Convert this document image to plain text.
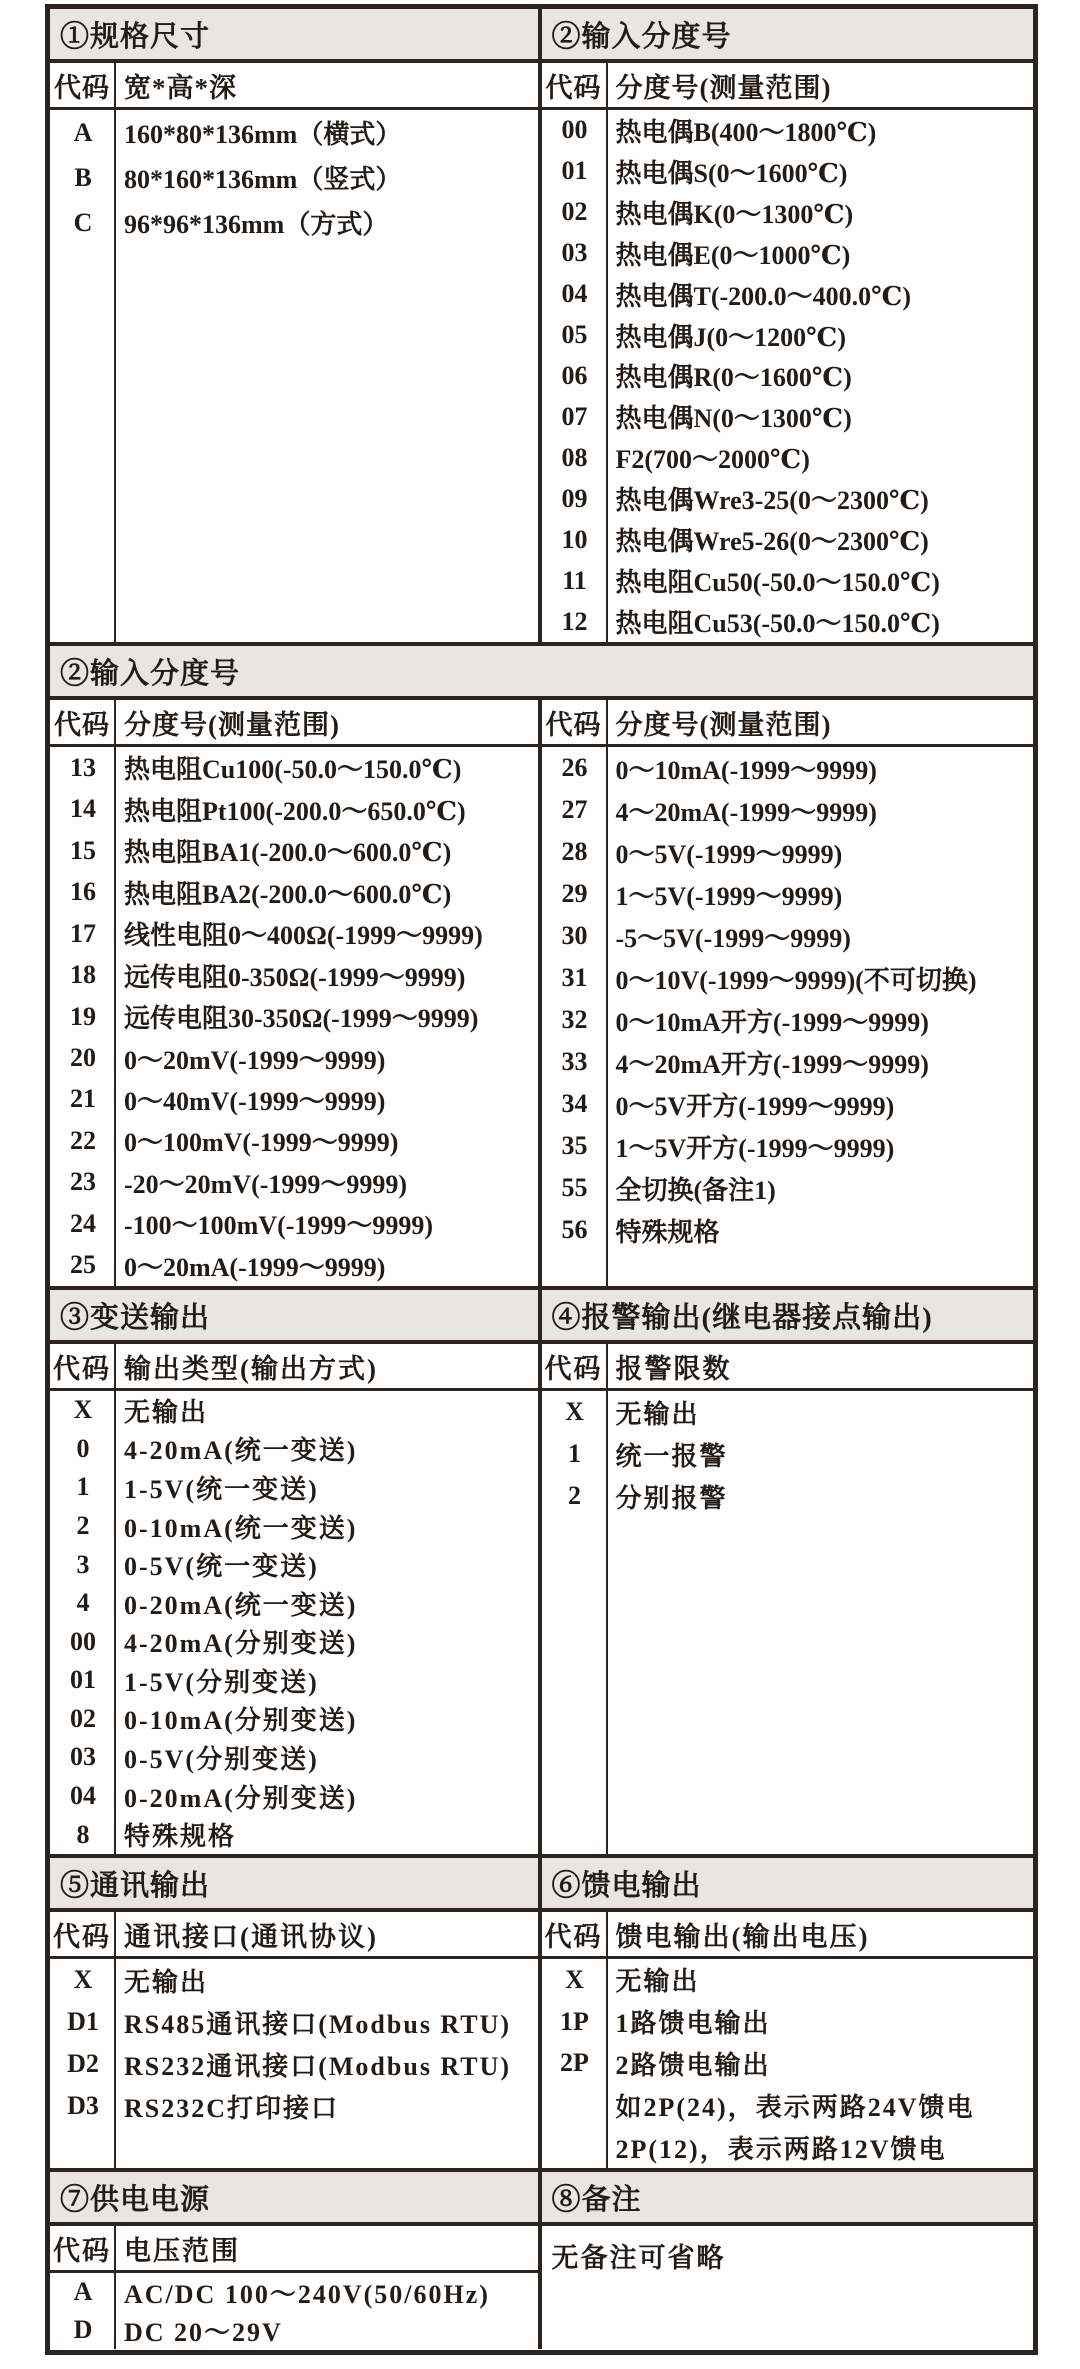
①规格尺寸
代码 宽*高*深
A	160*80*136mm（横式）
B	80*160*136mm（竖式）
C	96*96*136mm（方式）
②输入分度号
代码 分度号(测量范围)
00	热电偶B(400～1800℃)
01	热电偶S(0～1600℃)
02	热电偶K(0～1300℃)
03	热电偶E(0～1000℃)
04	热电偶T(-200.0～400.0℃)
05	热电偶J(0～1200℃)
06	热电偶R(0～1600℃)
07	热电偶N(0～1300℃)
08	F2(700～2000℃)
09	热电偶Wre3-25(0～2300℃)
10	热电偶Wre5-26(0～2300℃)
11	热电阻Cu50(-50.0～150.0℃)
12	热电阻Cu53(-50.0～150.0℃)
②输入分度号
代码 分度号(测量范围)
13	热电阻Cu100(-50.0～150.0℃)
14	热电阻Pt100(-200.0～650.0℃)
15	热电阻BA1(-200.0～600.0℃)
16	热电阻BA2(-200.0～600.0℃)
17	线性电阻0～400Ω(-1999～9999)
18	远传电阻0-350Ω(-1999～9999)
19	远传电阻30-350Ω(-1999～9999)
20	0～20mV(-1999～9999)
21	0～40mV(-1999～9999)
22	0～100mV(-1999～9999)
23	-20～20mV(-1999～9999)
24	-100～100mV(-1999～9999)
25	0～20mA(-1999～9999)
代码 分度号(测量范围)
26	0～10mA(-1999～9999)
27	4～20mA(-1999～9999)
28	0～5V(-1999～9999)
29	1～5V(-1999～9999)
30	-5～5V(-1999～9999)
31	0～10V(-1999～9999)(不可切换)
32	0～10mA开方(-1999～9999)
33	4～20mA开方(-1999～9999)
34	0～5V开方(-1999～9999)
35	1～5V开方(-1999～9999)
55	全切换(备注1)
56	特殊规格
③变送输出
代码 输出类型(输出方式)
X	无输出
0	4-20mA(统一变送)
1	1-5V(统一变送)
2	0-10mA(统一变送)
3	0-5V(统一变送)
4	0-20mA(统一变送)
00	4-20mA(分别变送)
01	1-5V(分别变送)
02	0-10mA(分别变送)
03	0-5V(分别变送)
04	0-20mA(分别变送)
8	特殊规格
④报警输出(继电器接点输出)
代码 报警限数
X	无输出
1	统一报警
2	分别报警
⑤通讯输出
代码 通讯接口(通讯协议)
X	无输出
D1 RS485通讯接口(Modbus RTU)
D2 RS232通讯接口(Modbus RTU)
D3 RS232C打印接口
⑥馈电输出
代码 馈电输出(输出电压)
X	无输出
1P	1路馈电输出
2P	2路馈电输出
如2P(24)，表示两路24V馈电
2P(12)，表示两路12V馈电
⑦供电电源
代码 电压范围
A	AC/DC 100～240V(50/60Hz)
D	DC 20～29V
⑧备注
无备注可省略
